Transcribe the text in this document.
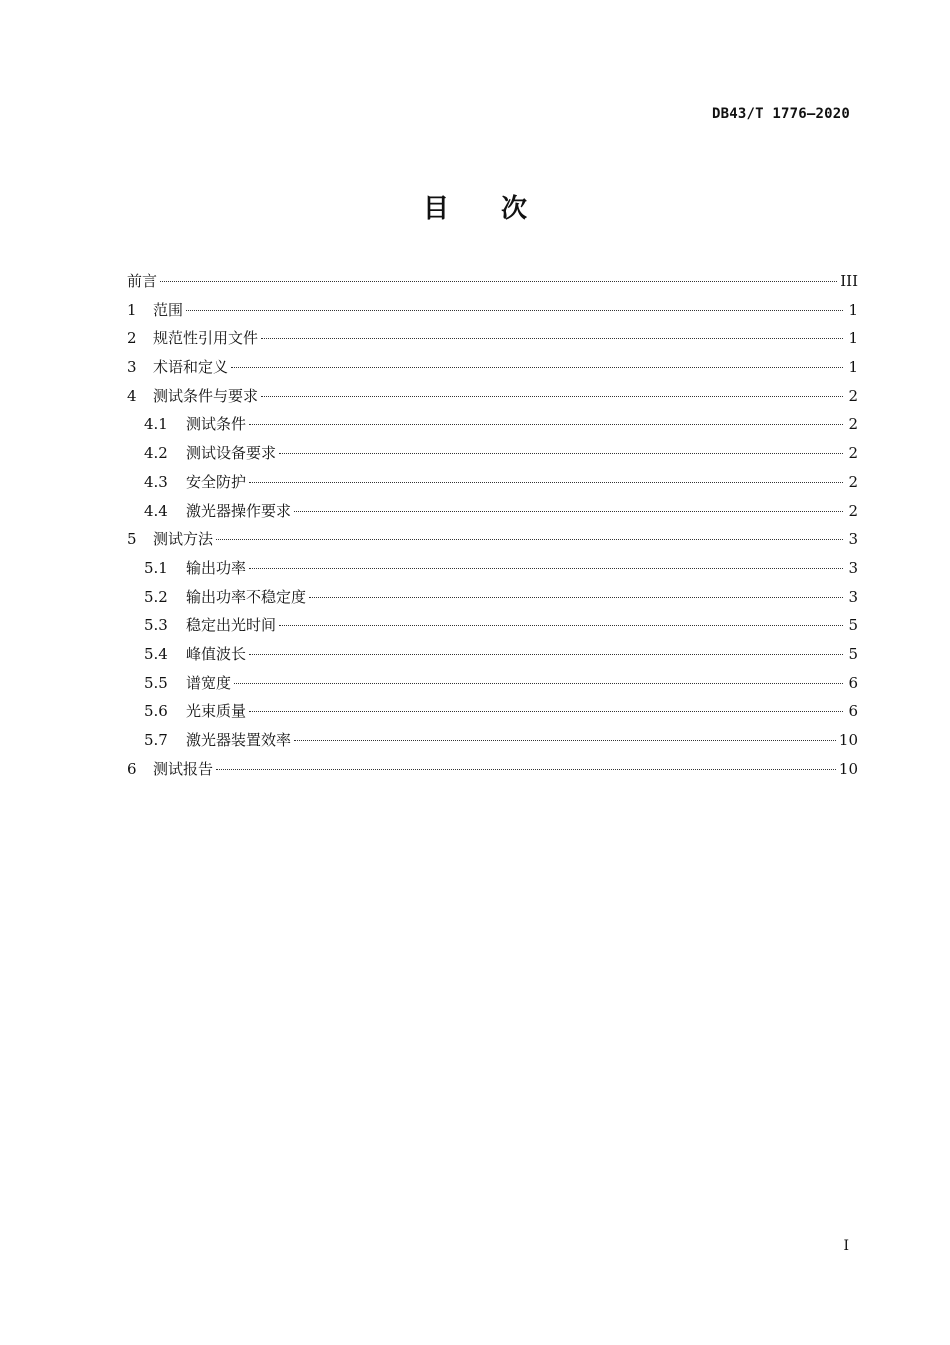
DB43/T 1776—2020
目 次
前言	III
1	范围	1
2	规范性引用文件	1
3	术语和定义	1
4	测试条件与要求	2
4.1	测试条件	2
4.2	测试设备要求	2
4.3	安全防护	2
4.4	激光器操作要求	2
5	测试方法	3
5.1	输出功率	3
5.2	输出功率不稳定度	3
5.3	稳定出光时间	5
5.4	峰值波长	5
5.5	谱宽度	6
5.6	光束质量	6
5.7	激光器装置效率	10
6	测试报告	10
I
